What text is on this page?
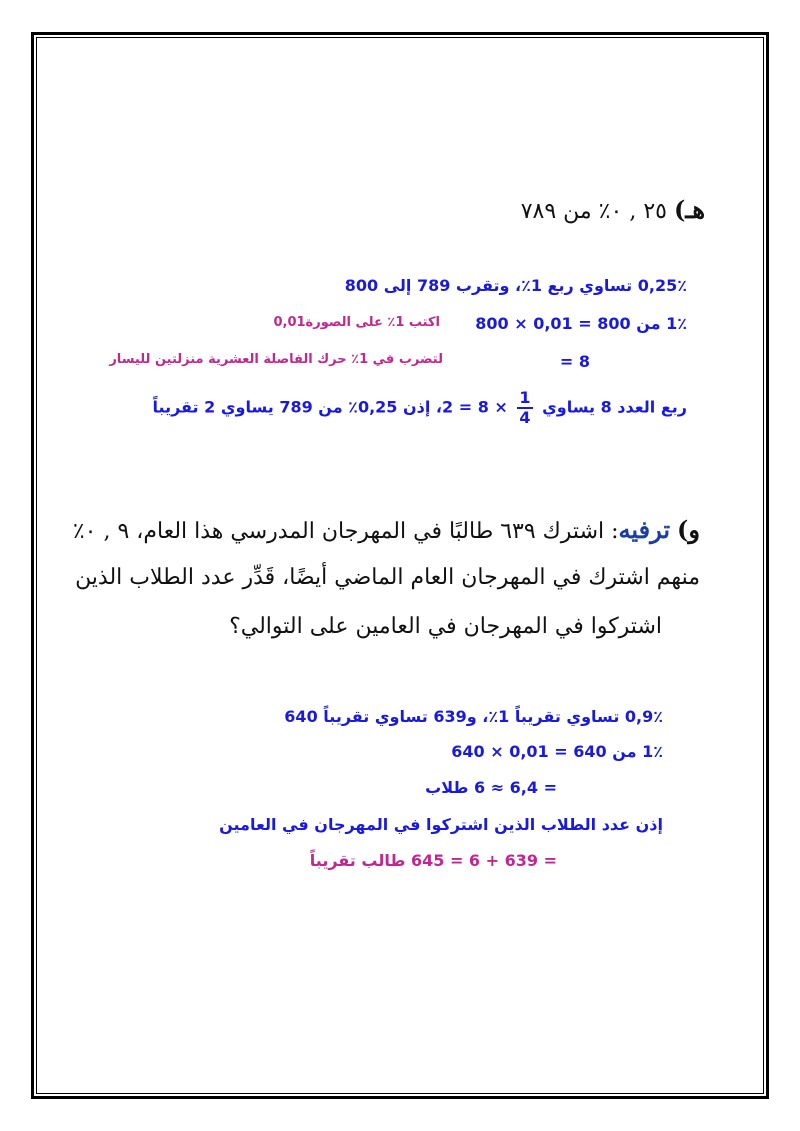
هـ) ٢٥ , ٠٪ من ٧٨٩
0,25٪ تساوي ربع 1٪، وتقرب 789 إلى 800
1٪ من 800 = 0,01 × 800
اكتب 1٪ على الصورة0,01
= 8
لتضرب في 1٪ حرك الفاصلة العشرية منزلتين لليسار
ربع العدد 8 يساوي
$\frac{1}{4}$
× 8 = 2، إذن 0,25٪ من 789 يساوي 2 تقريباً
و) ترفيه: اشترك ٦٣٩ طالبًا في المهرجان المدرسي هذا العام، ٩ , ٠٪
منهم اشترك في المهرجان العام الماضي أيضًا، قَدِّر عدد الطلاب الذين
اشتركوا في المهرجان في العامين على التوالي؟
0,9٪ تساوي تقريباً 1٪، و639 تساوي تقريباً 640
1٪ من 640 = 0,01 × 640
= 6,4 ≈ 6 طلاب
إذن عدد الطلاب الذين اشتركوا في المهرجان في العامين
= 639 + 6 = 645 طالب تقريباً
